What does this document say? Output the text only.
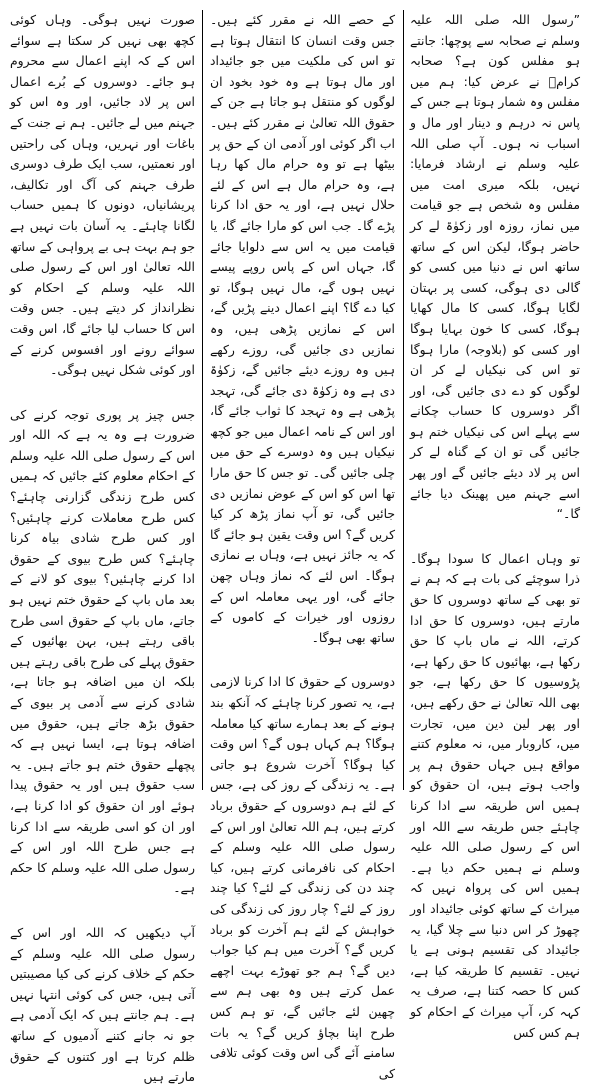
”رسول اللہ صلی اللہ علیہ وسلم نے صحابہ سے پوچھا: جانتے ہو مفلس کون ہے؟ صحابہ کرامؓ نے عرض کیا: ہم میں مفلس وہ شمار ہوتا ہے جس کے پاس نہ درہم و دینار اور مال و اسباب نہ ہوں۔ آپ صلی اللہ علیہ وسلم نے ارشاد فرمایا: نہیں، بلکہ میری امت میں مفلس وہ شخص ہے جو قیامت میں نماز، روزہ اور زکوٰۃ لے کر حاضر ہوگا، لیکن اس کے ساتھ ساتھ اس نے دنیا میں کسی کو گالی دی ہوگی، کسی پر بہتان لگایا ہوگا، کسی کا مال کھایا ہوگا، کسی کا خون بہایا ہوگا اور کسی کو (بلاوجہ) مارا ہوگا تو اس کی نیکیاں لے کر ان لوگوں کو دے دی جائیں گی، اور اگر دوسروں کا حساب چکانے سے پہلے اس کی نیکیاں ختم ہو جائیں گی تو ان کے گناہ لے کر اس پر لاد دیئے جائیں گے اور پھر اسے جہنم میں پھینک دیا جائے گا۔“

تو وہاں اعمال کا سودا ہوگا۔ ذرا سوچئے کی بات ہے کہ ہم نے تو بھی کے ساتھ دوسروں کا حق مارتے ہیں، دوسروں کا حق ادا کرتے، اللہ نے ماں باپ کا حق رکھا ہے، بھائیوں کا حق رکھا ہے، پڑوسیوں کا حق رکھا ہے، جو بھی اللہ تعالیٰ نے حق رکھے ہیں، اور پھر لین دین میں، تجارت میں، کاروبار میں، نہ معلوم کتنے مواقع ہیں جہاں حقوق ہم پر واجب ہوتے ہیں، ان حقوق کو ہمیں اس طریقہ سے ادا کرنا چاہئے جس طریقہ سے اللہ اور اس کے رسول صلی اللہ علیہ وسلم نے ہمیں حکم دیا ہے۔ ہمیں اس کی پرواہ نہیں کہ میراث کے ساتھ کوئی جائیداد اور چھوڑ کر اس دنیا سے چلا گیا، یہ جائیداد کی تقسیم ہونی ہے یا نہیں۔ تقسیم کا طریقہ کیا ہے، کس کا حصہ کتنا ہے، صرف یہ کہہ کر، آپ میراث کے احکام کو ہم کس کس

کے حصے اللہ نے مقرر کئے ہیں۔ جس وقت انسان کا انتقال ہوتا ہے تو اس کی ملکیت میں جو جائیداد اور مال ہوتا ہے وہ خود بخود ان لوگوں کو منتقل ہو جاتا ہے جن کے حقوق اللہ تعالیٰ نے مقرر کئے ہیں۔ اب اگر کوئی اور آدمی ان کے حق پر بیٹھا ہے تو وہ حرام مال کھا رہا ہے، وہ حرام مال ہے اس کے لئے حلال نہیں ہے، اور یہ حق ادا کرنا پڑے گا۔ جب اس کو مارا جائے گا، یا قیامت میں یہ اس سے دلوایا جائے گا، جہاں اس کے پاس روپے پیسے نہیں ہوں گے، مال نہیں ہوگا، تو کیا دے گا؟ اپنے اعمال دینے پڑیں گے، اس کے نمازیں پڑھی ہیں، وہ نمازیں دی جائیں گی، روزے رکھے ہیں وہ روزے دیئے جائیں گے، زکوٰۃ دی ہے وہ زکوٰۃ دی جائے گی، تہجد پڑھی ہے وہ تہجد کا ثواب جائے گا، اور اس کے نامہ اعمال میں جو کچھ نیکیاں ہیں وہ دوسرے کے حق میں چلی جائیں گی۔ تو جس کا حق مارا تھا اس کو اس کے عوض نمازیں دی جائیں گی، تو آپ نماز پڑھ کر کیا کریں گے؟ اس وقت یقین ہو جائے گا کہ یہ جائز نہیں ہے، وہاں بے نمازی ہوگا۔ اس لئے کہ نماز وہاں چھن جائے گی، اور یہی معاملہ اس کے روزوں اور خیرات کے کاموں کے ساتھ بھی ہوگا۔

دوسروں کے حقوق کا ادا کرنا لازمی ہے، یہ تصور کرنا چاہئے کہ آنکھ بند ہونے کے بعد ہمارے ساتھ کیا معاملہ ہوگا؟ ہم کہاں ہوں گے؟ اس وقت کیا ہوگا؟ آخرت شروع ہو جاتی ہے۔ یہ زندگی کے روز کی ہے، جس کے لئے ہم دوسروں کے حقوق برباد کرتے ہیں، ہم اللہ تعالیٰ اور اس کے رسول صلی اللہ علیہ وسلم کے احکام کی نافرمانی کرتے ہیں، کیا چند دن کی زندگی کے لئے؟ کیا چند روز کے لئے؟ چار روز کی زندگی کی خواہش کے لئے ہم آخرت کو برباد کریں گے؟ آخرت میں ہم کیا جواب دیں گے؟ ہم جو تھوڑے بہت اچھے عمل کرتے ہیں وہ بھی ہم سے چھین لئے جائیں گے، تو ہم کس طرح اپنا بچاؤ کریں گے؟ یہ بات سامنے آئے گی اس وقت کوئی تلافی کی

صورت نہیں ہوگی۔ وہاں کوئی کچھ بھی نہیں کر سکتا ہے سوائے اس کے کہ اپنے اعمال سے محروم ہو جائے۔ دوسروں کے بُرے اعمال اس پر لاد جائیں، اور وہ اس کو جہنم میں لے جائیں۔ ہم نے جنت کے باغات اور نہریں، وہاں کی راحتیں اور نعمتیں، سب ایک طرف دوسری طرف جہنم کی آگ اور تکالیف، پریشانیاں، دونوں کا ہمیں حساب لگانا چاہئے۔ یہ آسان بات نہیں ہے جو ہم بہت ہی بے پرواہی کے ساتھ اللہ تعالیٰ اور اس کے رسول صلی اللہ علیہ وسلم کے احکام کو نظرانداز کر دیتے ہیں۔ جس وقت اس کا حساب لیا جائے گا، اس وقت سوائے رونے اور افسوس کرنے کے اور کوئی شکل نہیں ہوگی۔

جس چیز پر پوری توجہ کرنے کی ضرورت ہے وہ یہ ہے کہ اللہ اور اس کے رسول صلی اللہ علیہ وسلم کے احکام معلوم کئے جائیں کہ ہمیں کس طرح زندگی گزارنی چاہئے؟ کس طرح معاملات کرنے چاہئیں؟ اور کس طرح شادی بیاہ کرنا چاہئے؟ کس طرح بیوی کے حقوق ادا کرنے چاہئیں؟ بیوی کو لانے کے بعد ماں باپ کے حقوق ختم نہیں ہو جاتے، ماں باپ کے حقوق اسی طرح باقی رہتے ہیں، بہن بھائیوں کے حقوق پہلے کی طرح باقی رہتے ہیں بلکہ ان میں اضافہ ہو جاتا ہے، شادی کرنے سے آدمی پر بیوی کے حقوق بڑھ جاتے ہیں، حقوق میں اضافہ ہوتا ہے، ایسا نہیں ہے کہ پچھلے حقوق ختم ہو جاتے ہیں۔ یہ سب حقوق ہیں اور یہ حقوق پیدا ہوئے اور ان حقوق کو ادا کرنا ہے، اور ان کو اسی طریقہ سے ادا کرنا ہے جس طرح اللہ اور اس کے رسول صلی اللہ علیہ وسلم کا حکم ہے۔

آپ دیکھیں کہ اللہ اور اس کے رسول صلی اللہ علیہ وسلم کے حکم کے خلاف کرنے کی کیا مصیبتیں آتی ہیں، جس کی کوئی انتہا نہیں ہے۔ ہم جانتے ہیں کہ ایک آدمی ہے جو نہ جانے کتنے آدمیوں کے ساتھ ظلم کرتا ہے اور کتنوں کے حقوق مارتے ہیں
